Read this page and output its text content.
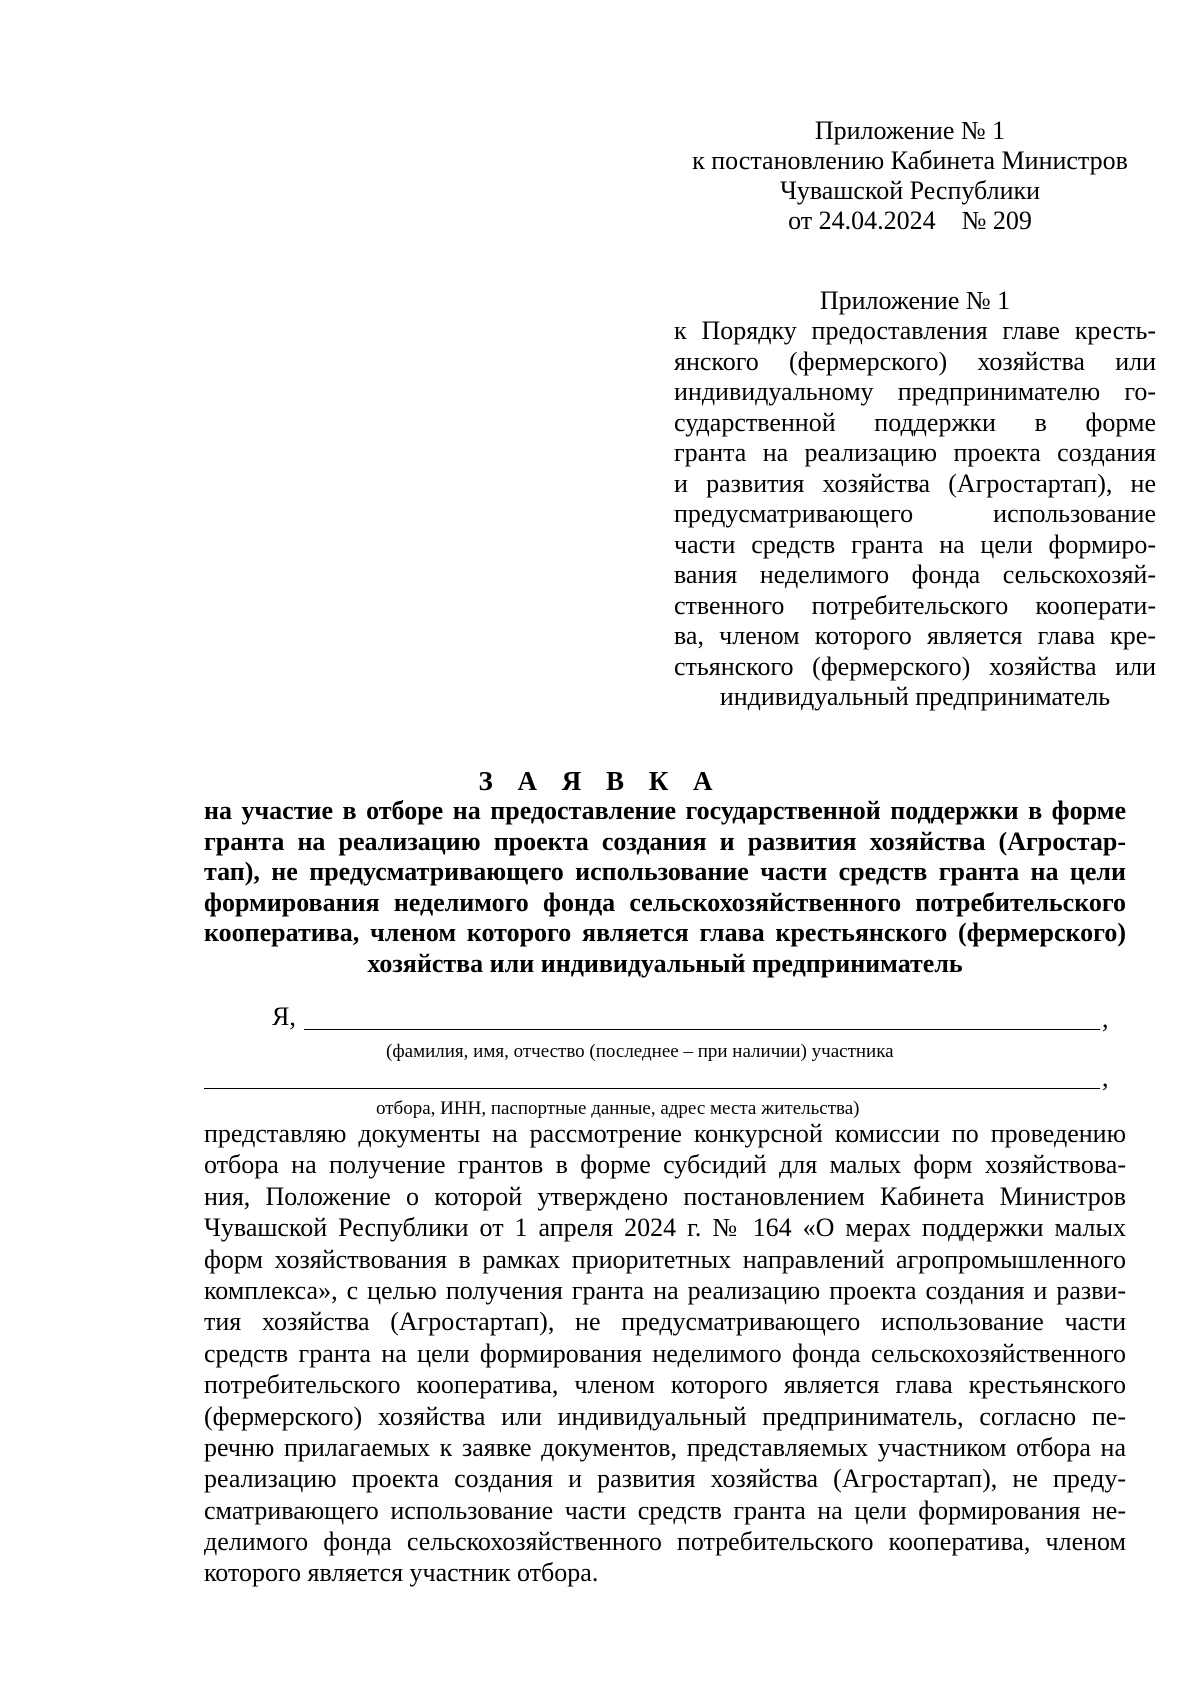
Приложение № 1
к постановлению Кабинета Министров
Чувашской Республики
от 24.04.2024    № 209
Приложение № 1
к Порядку предоставления главе кресть-
янского (фермерского) хозяйства или
индивидуальному предпринимателю го-
сударственной поддержки в форме
гранта на реализацию проекта создания
и развития хозяйства (Агростартап), не
предусматривающего использование
части средств гранта на цели формиро-
вания неделимого фонда сельскохозяй-
ственного потребительского кооперати-
ва, членом которого является глава кре-
стьянского (фермерского) хозяйства или
индивидуальный предприниматель
З А Я В К А
на участие в отборе на предоставление государственной поддержки в форме
гранта на реализацию проекта создания и развития хозяйства (Агростар-
тап), не предусматривающего использование части средств гранта на цели
формирования неделимого фонда сельскохозяйственного потребительского
кооператива, членом которого является глава крестьянского (фермерского)
хозяйства или индивидуальный предприниматель
Я,	,
(фамилия, имя, отчество (последнее – при наличии) участника
,
отбора, ИНН, паспортные данные, адрес места жительства)
представляю документы на рассмотрение конкурсной комиссии по проведению
отбора на получение грантов в форме субсидий для малых форм хозяйствова-
ния, Положение о которой утверждено постановлением Кабинета Министров
Чувашской Республики от 1 апреля 2024 г. № 164 «О мерах поддержки малых
форм хозяйствования в рамках приоритетных направлений агропромышленного
комплекса», с целью получения гранта на реализацию проекта создания и разви-
тия хозяйства (Агростартап), не предусматривающего использование части
средств гранта на цели формирования неделимого фонда сельскохозяйственного
потребительского кооператива, членом которого является глава крестьянского
(фермерского) хозяйства или индивидуальный предприниматель, согласно пе-
речню прилагаемых к заявке документов, представляемых участником отбора на
реализацию проекта создания и развития хозяйства (Агростартап), не преду-
сматривающего использование части средств гранта на цели формирования не-
делимого фонда сельскохозяйственного потребительского кооператива, членом
которого является участник отбора.
